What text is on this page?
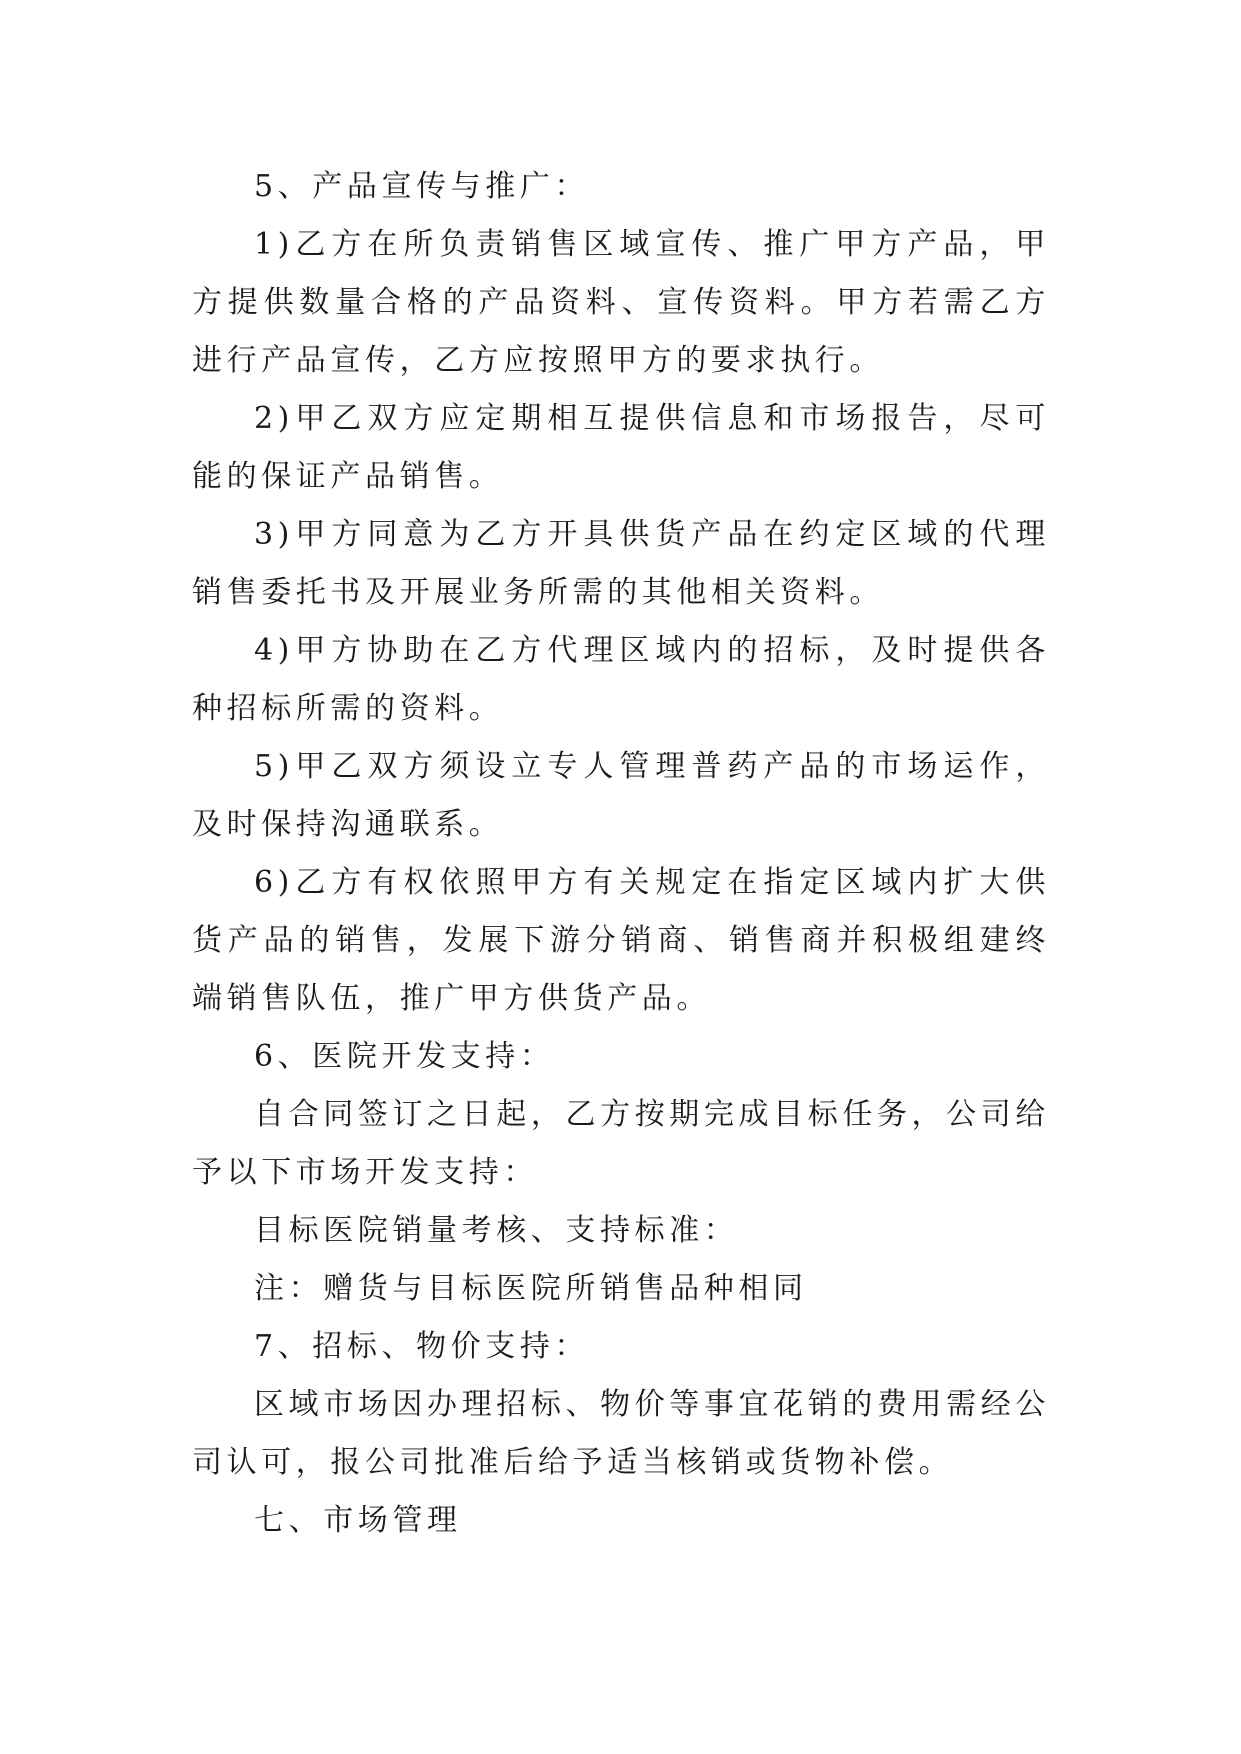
5、产品宣传与推广：

1)乙方在所负责销售区域宣传、推广甲方产品，甲方提供数量合格的产品资料、宣传资料。甲方若需乙方进行产品宣传，乙方应按照甲方的要求执行。

2)甲乙双方应定期相互提供信息和市场报告，尽可能的保证产品销售。

3)甲方同意为乙方开具供货产品在约定区域的代理销售委托书及开展业务所需的其他相关资料。

4)甲方协助在乙方代理区域内的招标，及时提供各种招标所需的资料。

5)甲乙双方须设立专人管理普药产品的市场运作，及时保持沟通联系。

6)乙方有权依照甲方有关规定在指定区域内扩大供货产品的销售，发展下游分销商、销售商并积极组建终端销售队伍，推广甲方供货产品。

6、医院开发支持：

自合同签订之日起，乙方按期完成目标任务，公司给予以下市场开发支持：

目标医院销量考核、支持标准：

注：赠货与目标医院所销售品种相同

7、招标、物价支持：

区域市场因办理招标、物价等事宜花销的费用需经公司认可，报公司批准后给予适当核销或货物补偿。

七、市场管理
